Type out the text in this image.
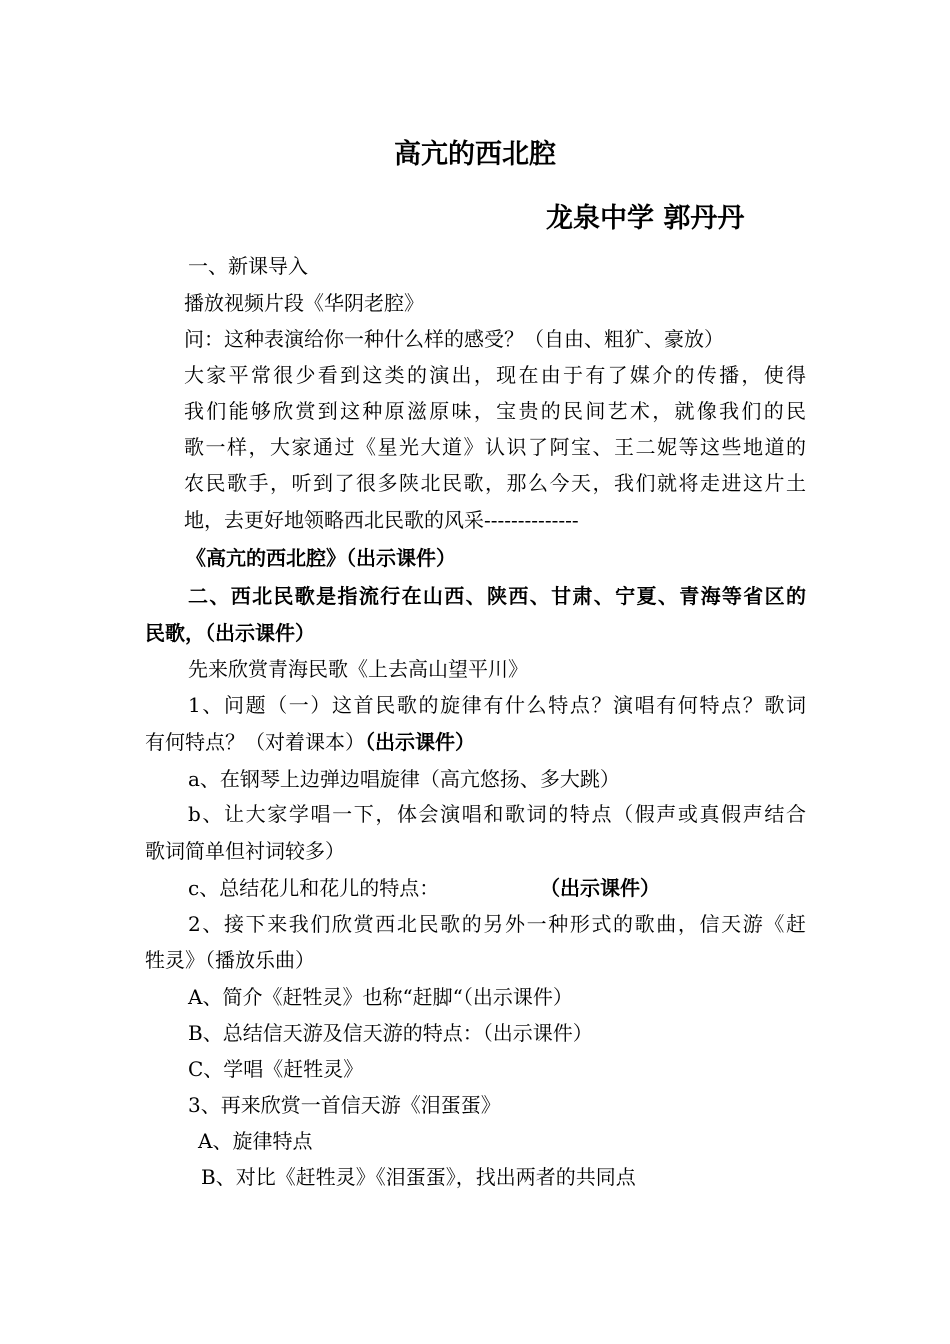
高亢的西北腔
龙泉中学 郭丹丹
一、新课导入
播放视频片段《华阴老腔》
问：这种表演给你一种什么样的感受？（自由、粗犷、豪放）
大家平常很少看到这类的演出，现在由于有了媒介的传播，使得
我们能够欣赏到这种原滋原味，宝贵的民间艺术，就像我们的民
歌一样，大家通过《星光大道》认识了阿宝、王二妮等这些地道的
农民歌手，听到了很多陕北民歌，那么今天，我们就将走进这片土
地，去更好地领略西北民歌的风采--------------
《高亢的西北腔》（出示课件）
二、西北民歌是指流行在山西、陕西、甘肃、宁夏、青海等省区的
民歌，（出示课件）
先来欣赏青海民歌《上去高山望平川》
1、问题（一）这首民歌的旋律有什么特点？演唱有何特点？歌词
有何特点？（对着课本）（出示课件）
a、在钢琴上边弹边唱旋律（高亢悠扬、多大跳）
b、让大家学唱一下，体会演唱和歌词的特点（假声或真假声结合
歌词简单但衬词较多）
c、总结花儿和花儿的特点：	（出示课件）
2、接下来我们欣赏西北民歌的另外一种形式的歌曲，信天游《赶
牲灵》（播放乐曲）
A、简介《赶牲灵》也称“赶脚“（出示课件）
B、总结信天游及信天游的特点：（出示课件）
C、学唱《赶牲灵》
3、再来欣赏一首信天游《泪蛋蛋》
A、旋律特点
B、对比《赶牲灵》《泪蛋蛋》，找出两者的共同点
